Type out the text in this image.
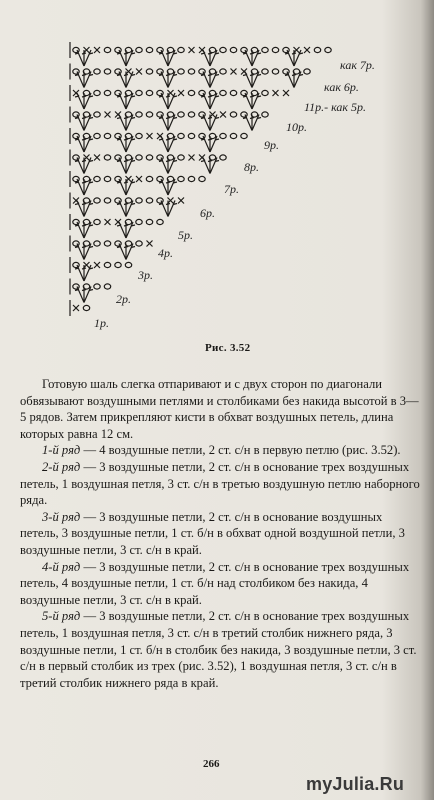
как 7р.
как 6р.
11р.- как 5р.
10р.
9р.
8р.
7р.
6р.
5р.
4р.
3р.
2р.
1р.
Рис. 3.52

Готовую шаль слегка отпаривают и с двух сторон по диагонали обвязывают воздушными петлями и столбиками без накида высотой в 3—5 рядов. Затем прикрепляют кисти в обхват воздушных петель, длина которых равна 12 см.

1-й ряд — 4 воздушные петли, 2 ст. с/н в первую петлю (рис. 3.52).

2-й ряд — 3 воздушные петли, 2 ст. с/н в основание трех воздушных петель, 1 воздушная петля, 3 ст. с/н в третью воздушную петлю наборного ряда.

3-й ряд — 3 воздушные петли, 2 ст. с/н в основание воздушных петель, 3 воздушные петли, 1 ст. б/н в обхват одной воздушной петли, 3 воздушные петли, 3 ст. с/н в край.

4-й ряд — 3 воздушные петли, 2 ст. с/н в основание трех воздушных петель, 4 воздушные петли, 1 ст. б/н над столбиком без накида, 4 воздушные петли, 3 ст. с/н в край.

5-й ряд — 3 воздушные петли, 2 ст. с/н в основание трех воздушных петель, 1 воздушная петля, 3 ст. с/н в третий столбик нижнего ряда, 3 воздушные петли, 1 ст. б/н в столбик без накида, 3 воздушные петли, 3 ст. с/н в первый столбик из трех (рис. 3.52), 1 воздушная петля, 3 ст. с/н в третий столбик нижнего ряда в край.

266
myJulia.Ru
